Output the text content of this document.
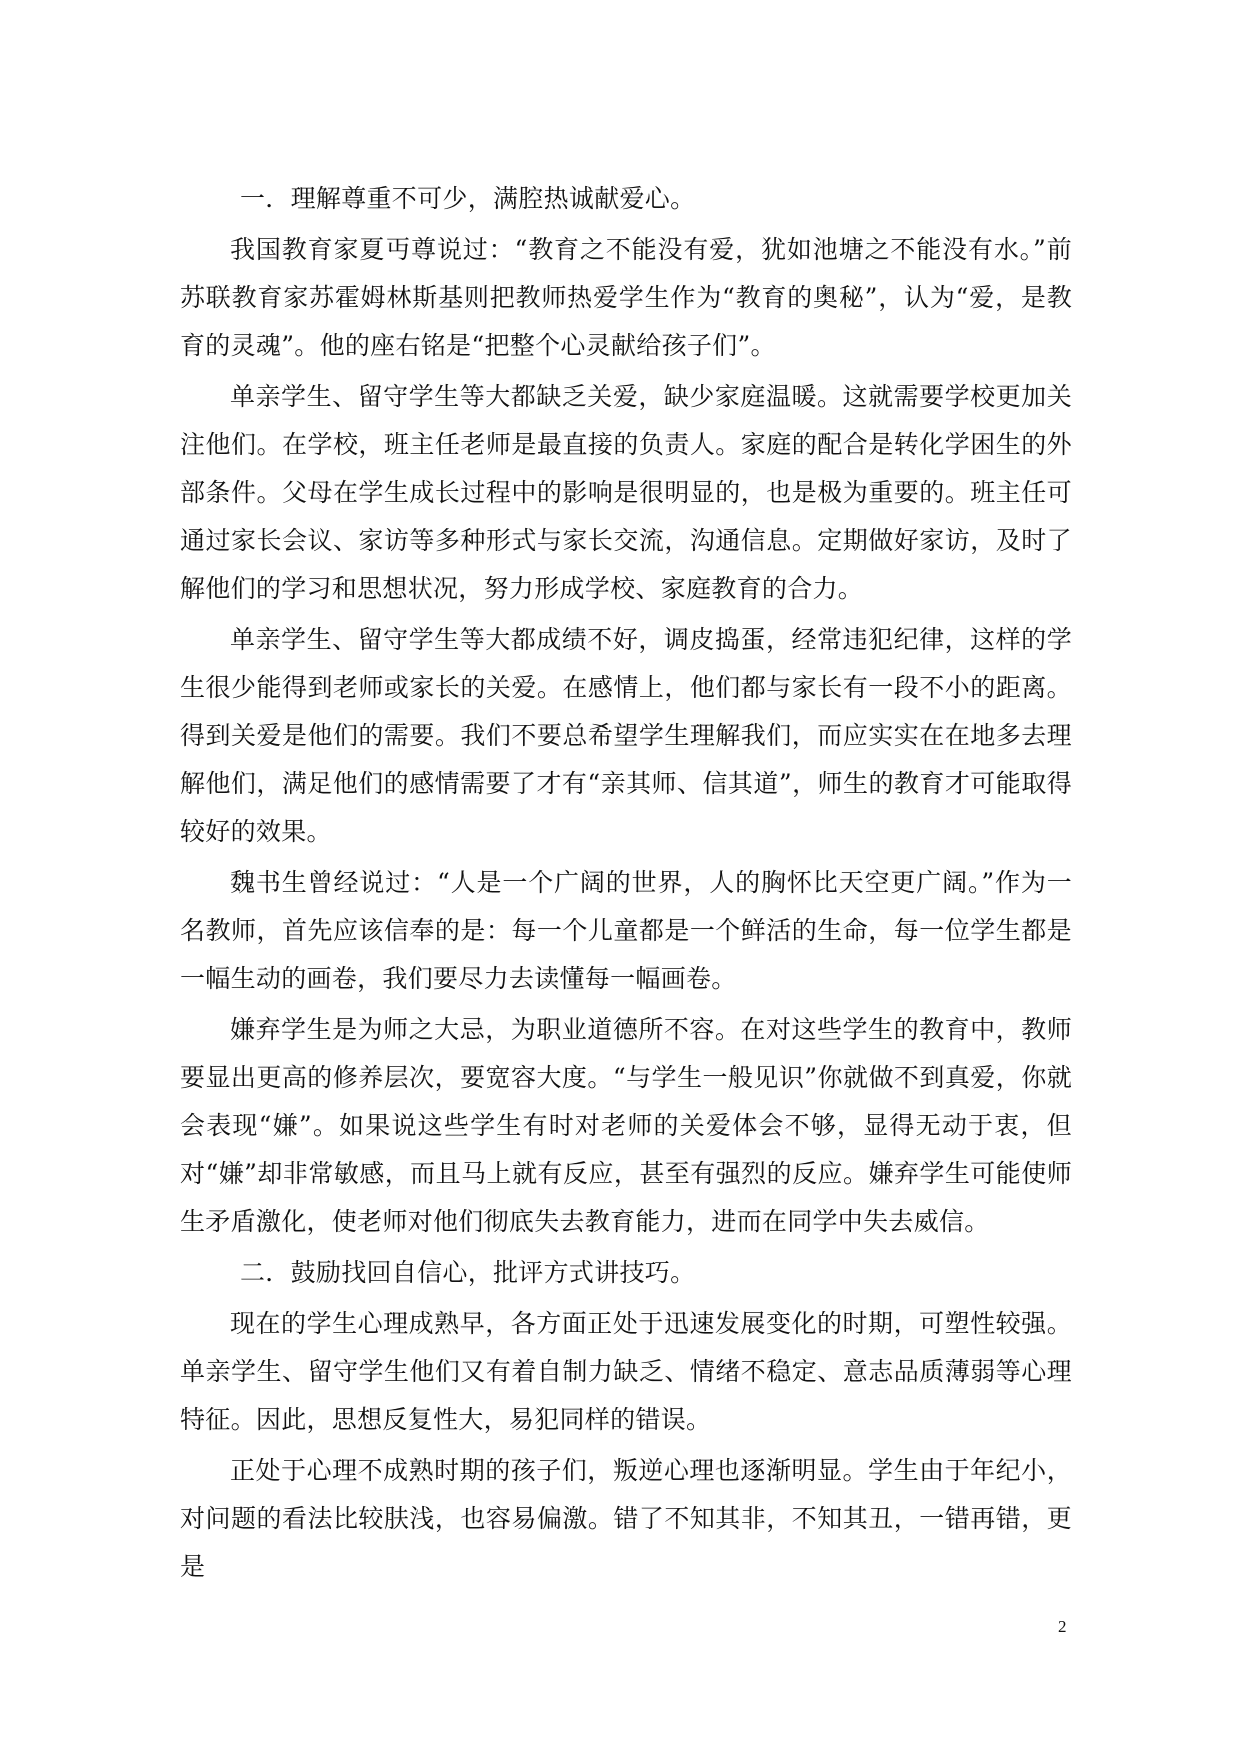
一．理解尊重不可少，满腔热诚献爱心。

我国教育家夏丏尊说过：“教育之不能没有爱，犹如池塘之不能没有水。”前苏联教育家苏霍姆林斯基则把教师热爱学生作为“教育的奥秘”，认为“爱，是教育的灵魂”。他的座右铭是“把整个心灵献给孩子们”。

单亲学生、留守学生等大都缺乏关爱，缺少家庭温暖。这就需要学校更加关注他们。在学校，班主任老师是最直接的负责人。家庭的配合是转化学困生的外部条件。父母在学生成长过程中的影响是很明显的，也是极为重要的。班主任可通过家长会议、家访等多种形式与家长交流，沟通信息。定期做好家访，及时了解他们的学习和思想状况，努力形成学校、家庭教育的合力。

单亲学生、留守学生等大都成绩不好，调皮捣蛋，经常违犯纪律，这样的学生很少能得到老师或家长的关爱。在感情上，他们都与家长有一段不小的距离。得到关爱是他们的需要。我们不要总希望学生理解我们，而应实实在在地多去理解他们，满足他们的感情需要了才有“亲其师、信其道”，师生的教育才可能取得较好的效果。

魏书生曾经说过：“人是一个广阔的世界，人的胸怀比天空更广阔。”作为一名教师，首先应该信奉的是：每一个儿童都是一个鲜活的生命，每一位学生都是一幅生动的画卷，我们要尽力去读懂每一幅画卷。

嫌弃学生是为师之大忌，为职业道德所不容。在对这些学生的教育中，教师要显出更高的修养层次，要宽容大度。“与学生一般见识”你就做不到真爱，你就会表现“嫌”。如果说这些学生有时对老师的关爱体会不够，显得无动于衷，但对“嫌”却非常敏感，而且马上就有反应，甚至有强烈的反应。嫌弃学生可能使师生矛盾激化，使老师对他们彻底失去教育能力，进而在同学中失去威信。

二．鼓励找回自信心，批评方式讲技巧。

现在的学生心理成熟早，各方面正处于迅速发展变化的时期，可塑性较强。单亲学生、留守学生他们又有着自制力缺乏、情绪不稳定、意志品质薄弱等心理特征。因此，思想反复性大，易犯同样的错误。

正处于心理不成熟时期的孩子们，叛逆心理也逐渐明显。学生由于年纪小，对问题的看法比较肤浅，也容易偏激。错了不知其非，不知其丑，一错再错，更是

2
